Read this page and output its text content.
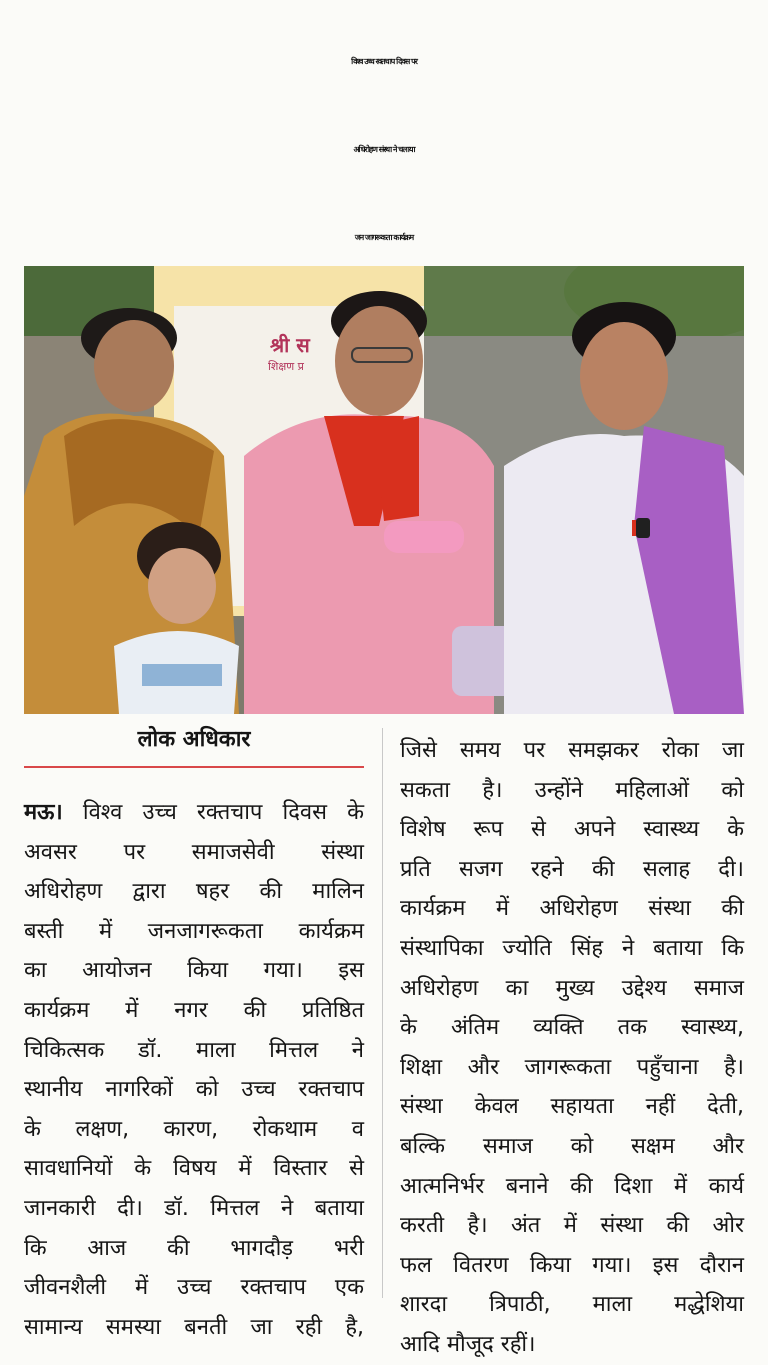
विश्व उच्च रक्तचाप दिवस पर
अधिरोहण संस्था ने चलाया
जन जागरूकता कार्यक्रम
श्री स
शिक्षण प्र
लोक अधिकार

मऊ। विश्व उच्च रक्तचाप दिवस के
अवसर पर समाजसेवी संस्था
अधिरोहण द्वारा षहर की मालिन
बस्ती में जनजागरूकता कार्यक्रम
का आयोजन किया गया। इस
कार्यक्रम में नगर की प्रतिष्ठित
चिकित्सक डॉ. माला मित्तल ने
स्थानीय नागरिकों को उच्च रक्तचाप
के लक्षण, कारण, रोकथाम व
सावधानियों के विषय में विस्तार से
जानकारी दी। डॉ. मित्तल ने बताया
कि आज की भागदौड़ भरी
जीवनशैली में उच्च रक्तचाप एक
सामान्य समस्या बनती जा रही है,

जिसे समय पर समझकर रोका जा
सकता है। उन्होंने महिलाओं को
विशेष रूप से अपने स्वास्थ्य के
प्रति सजग रहने की सलाह दी।
कार्यक्रम में अधिरोहण संस्था की
संस्थापिका ज्योति सिंह ने बताया कि
अधिरोहण का मुख्य उद्देश्य समाज
के अंतिम व्यक्ति तक स्वास्थ्य,
शिक्षा और जागरूकता पहुँचाना है।
संस्था केवल सहायता नहीं देती,
बल्कि समाज को सक्षम और
आत्मनिर्भर बनाने की दिशा में कार्य
करती है। अंत में संस्था की ओर
फल वितरण किया गया। इस दौरान
शारदा त्रिपाठी, माला मद्धेशिया
आदि मौजूद रहीं।
